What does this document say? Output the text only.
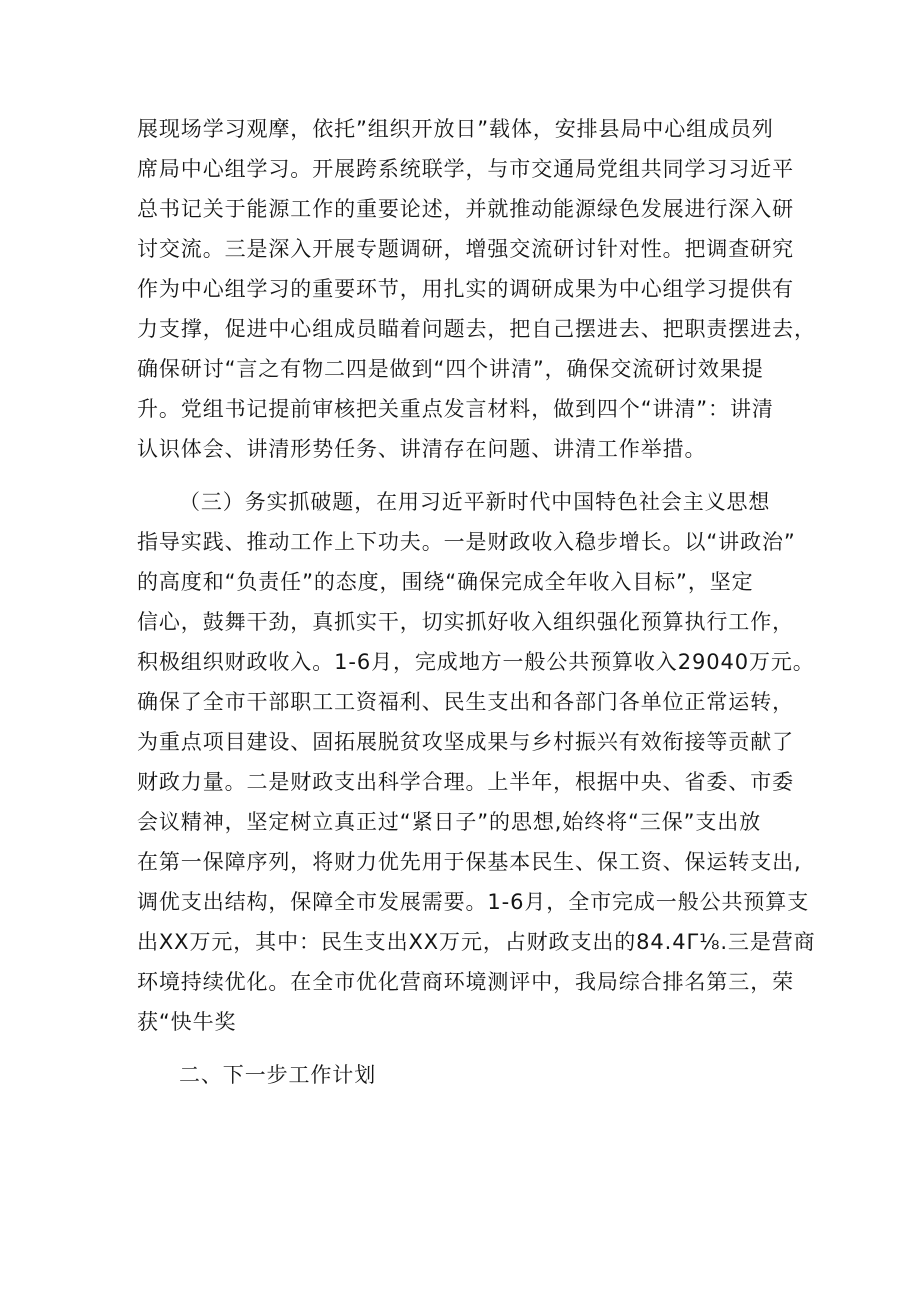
展现场学习观摩，依托”组织开放日”载体，安排县局中心组成员列
席局中心组学习。开展跨系统联学，与市交通局党组共同学习习近平
总书记关于能源工作的重要论述，并就推动能源绿色发展进行深入研
讨交流。三是深入开展专题调研，增强交流研讨针对性。把调查研究
作为中心组学习的重要环节，用扎实的调研成果为中心组学习提供有
力支撑，促进中心组成员瞄着问题去，把自己摆进去、把职责摆进去，
确保研讨“言之有物二四是做到“四个讲清”，确保交流研讨效果提
升。党组书记提前审核把关重点发言材料，做到四个“讲清”：讲清
认识体会、讲清形势任务、讲清存在问题、讲清工作举措。
（三）务实抓破题，在用习近平新时代中国特色社会主义思想
指导实践、推动工作上下功夫。一是财政收入稳步增长。以“讲政治”
的高度和“负责任”的态度，围绕“确保完成全年收入目标”，坚定
信心，鼓舞干劲，真抓实干，切实抓好收入组织强化预算执行工作，
积极组织财政收入。1-6月，完成地方一般公共预算收入29040万元。
确保了全市干部职工工资福利、民生支出和各部门各单位正常运转，
为重点项目建设、固拓展脱贫攻坚成果与乡村振兴有效衔接等贡献了
财政力量。二是财政支出科学合理。上半年，根据中央、省委、市委
会议精神，坚定树立真正过“紧日子”的思想,始终将“三保”支出放
在第一保障序列，将财力优先用于保基本民生、保工资、保运转支出,
调优支出结构，保障全市发展需要。1-6月，全市完成一般公共预算支
出XX万元，其中：民生支出XX万元，占财政支出的84.4Γ⅛.三是营商
环境持续优化。在全市优化营商环境测评中，我局综合排名第三，荣
获“快牛奖
二、下一步工作计划
